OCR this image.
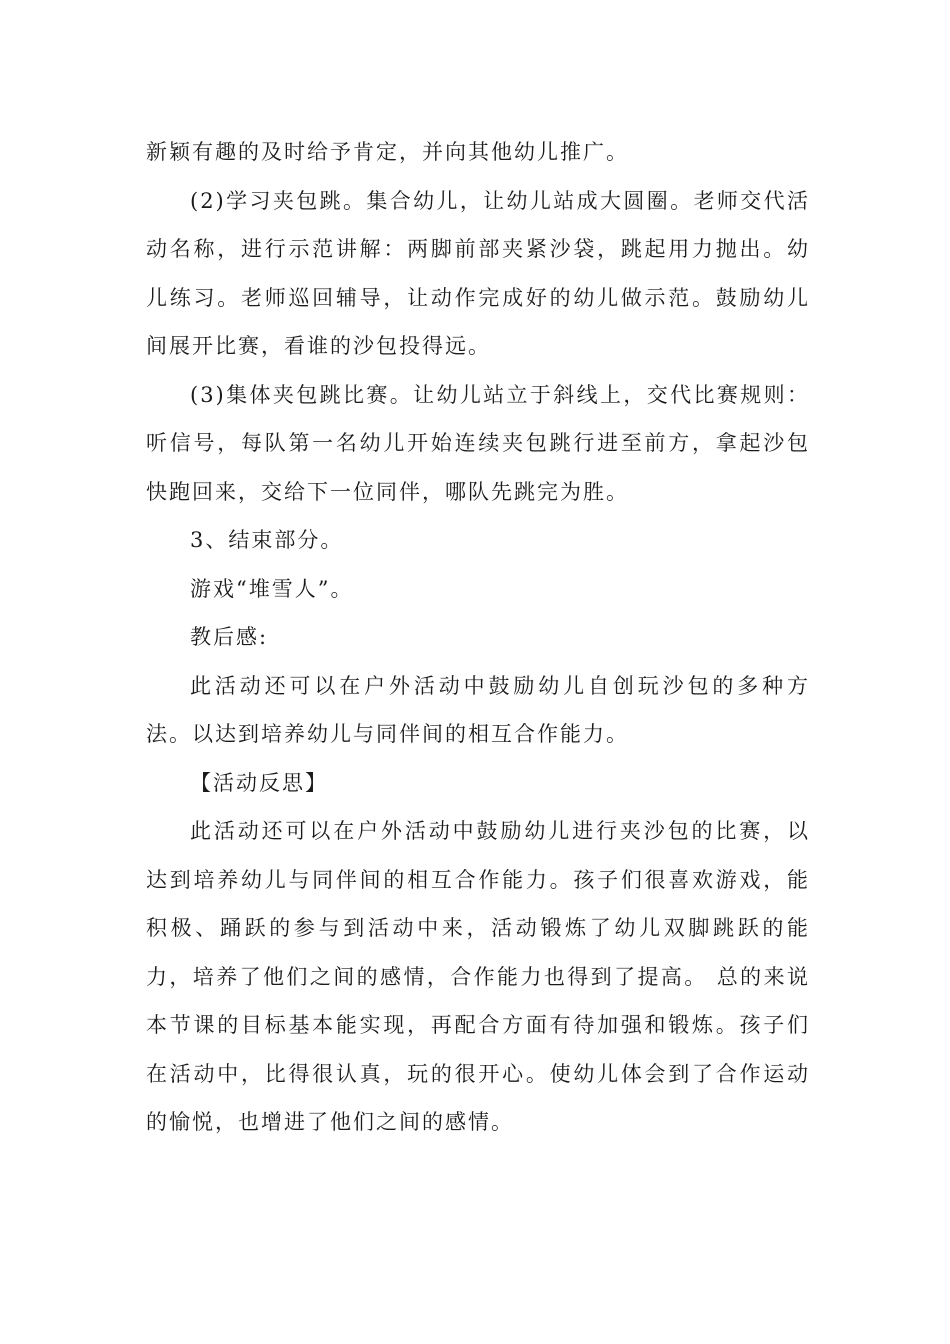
新颖有趣的及时给予肯定，并向其他幼儿推广。

(2)学习夹包跳。集合幼儿，让幼儿站成大圆圈。老师交代活动名称，进行示范讲解：两脚前部夹紧沙袋，跳起用力抛出。幼儿练习。老师巡回辅导，让动作完成好的幼儿做示范。鼓励幼儿间展开比赛，看谁的沙包投得远。

(3)集体夹包跳比赛。让幼儿站立于斜线上，交代比赛规则：听信号，每队第一名幼儿开始连续夹包跳行进至前方，拿起沙包快跑回来，交给下一位同伴，哪队先跳完为胜。

3、结束部分。

游戏“堆雪人”。

教后感:

此活动还可以在户外活动中鼓励幼儿自创玩沙包的多种方法。以达到培养幼儿与同伴间的相互合作能力。

【活动反思】

此活动还可以在户外活动中鼓励幼儿进行夹沙包的比赛，以达到培养幼儿与同伴间的相互合作能力。孩子们很喜欢游戏，能积极、踊跃的参与到活动中来，活动锻炼了幼儿双脚跳跃的能力，培养了他们之间的感情，合作能力也得到了提高。 总的来说本节课的目标基本能实现，再配合方面有待加强和锻炼。孩子们在活动中，比得很认真，玩的很开心。使幼儿体会到了合作运动的愉悦，也增进了他们之间的感情。
